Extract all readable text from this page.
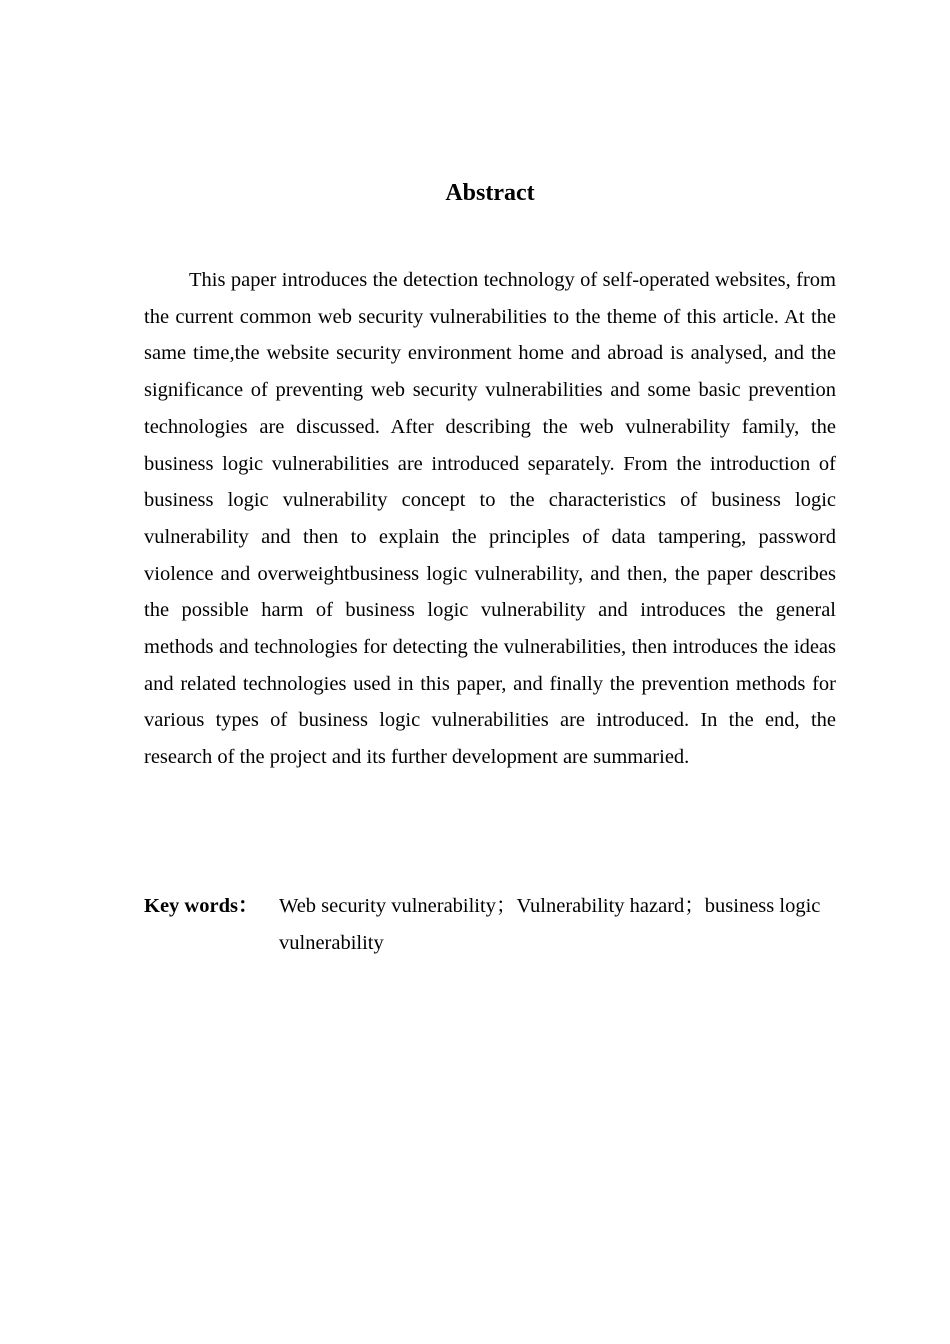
Abstract

This paper introduces the detection technology of self-operated websites, from the current common web security vulnerabilities to the theme of this article. At the same time,the website security environment home and abroad is analysed, and the significance of preventing web security vulnerabilities and some basic prevention technologies are discussed. After describing the web vulnerability family, the business logic vulnerabilities are introduced separately. From the introduction of business logic vulnerability concept to the characteristics of business logic vulnerability and then to explain the principles of data tampering, password violence and overweightbusiness logic vulnerability, and then, the paper describes the possible harm of business logic vulnerability and introduces the general methods and technologies for detecting the vulnerabilities, then introduces the ideas and related technologies used in this paper, and finally the prevention methods for various types of business logic vulnerabilities are introduced. In the end, the research of the project and its further development are summaried.

Key words：	Web security vulnerability；Vulnerability hazard；business logic vulnerability
